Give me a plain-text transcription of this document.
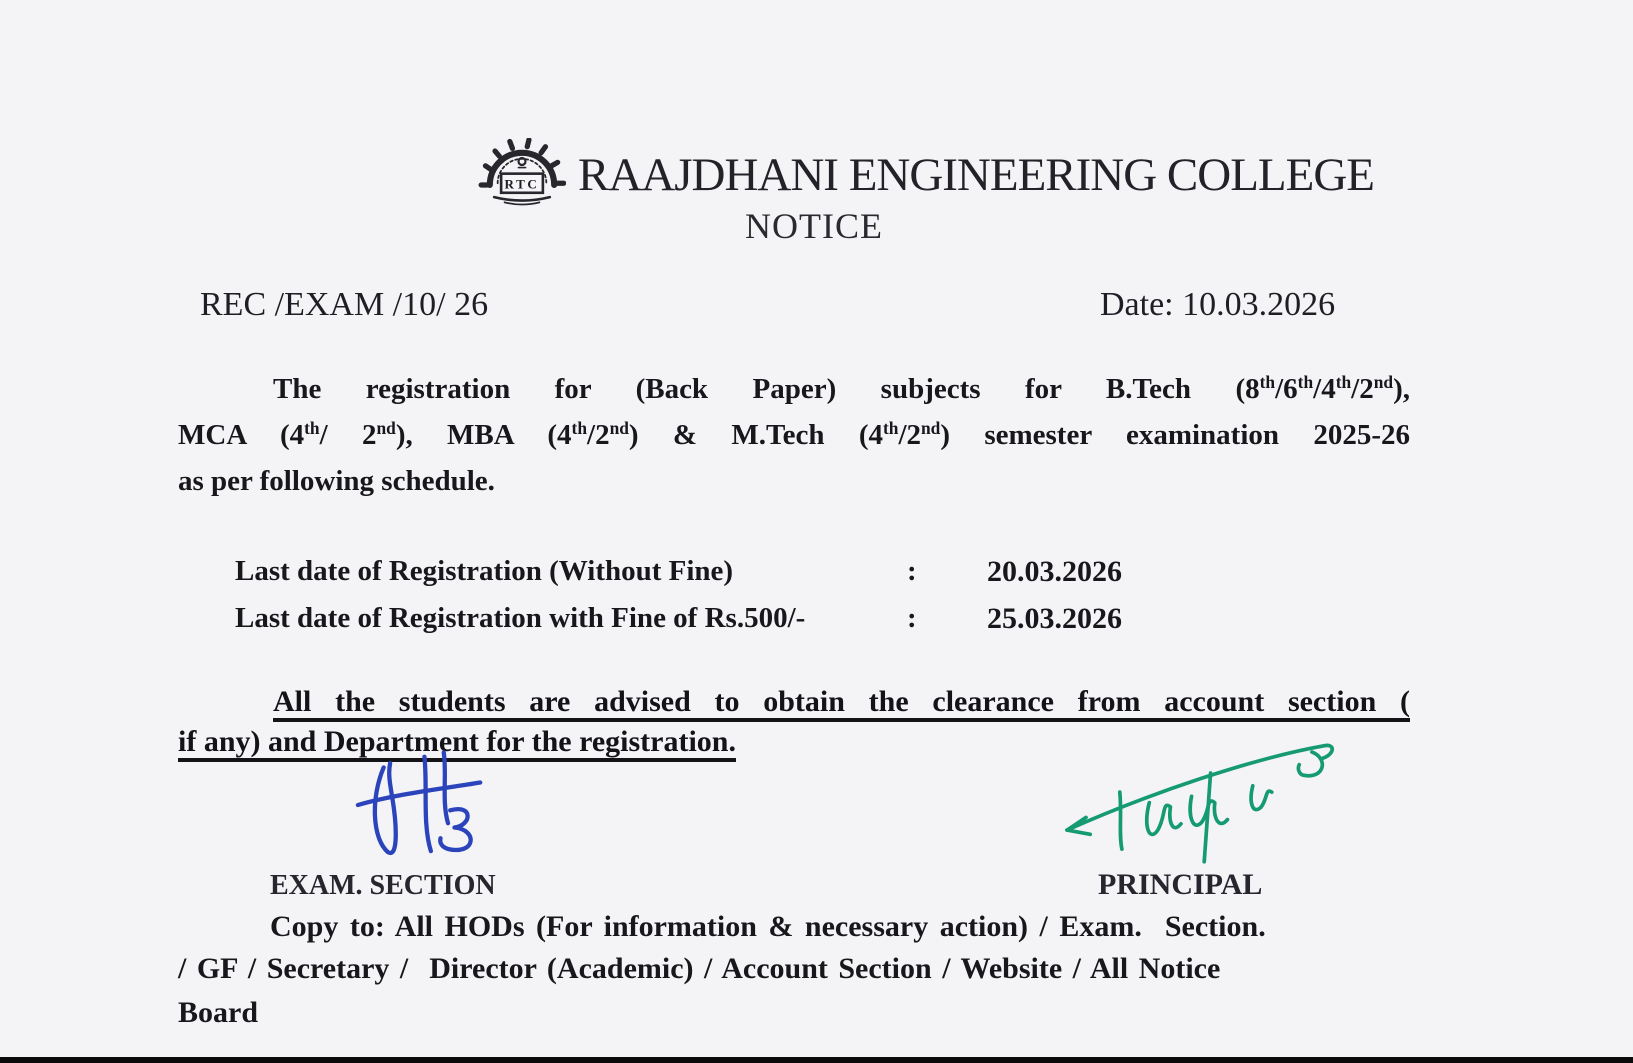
RTC RAAJDHANI ENGINEERING COLLEGE
NOTICE
REC /EXAM /10/ 26	Date: 10.03.2026
The registration for (Back Paper) subjects for B.Tech (8th/6th/4th/2nd),
MCA (4th/ 2nd), MBA (4th/2nd) & M.Tech (4th/2nd) semester examination 2025-26
as per following schedule.
Last date of Registration (Without Fine)	: 20.03.2026
Last date of Registration with Fine of Rs.500/-	: 25.03.2026
All the students are advised to obtain the clearance from account section (
if any) and Department for the registration.
EXAM. SECTION	PRINCIPAL
Copy to: All HODs (For information & necessary action) / Exam.  Section.
/ GF / Secretary /  Director (Academic) / Account Section / Website / All Notice
Board
